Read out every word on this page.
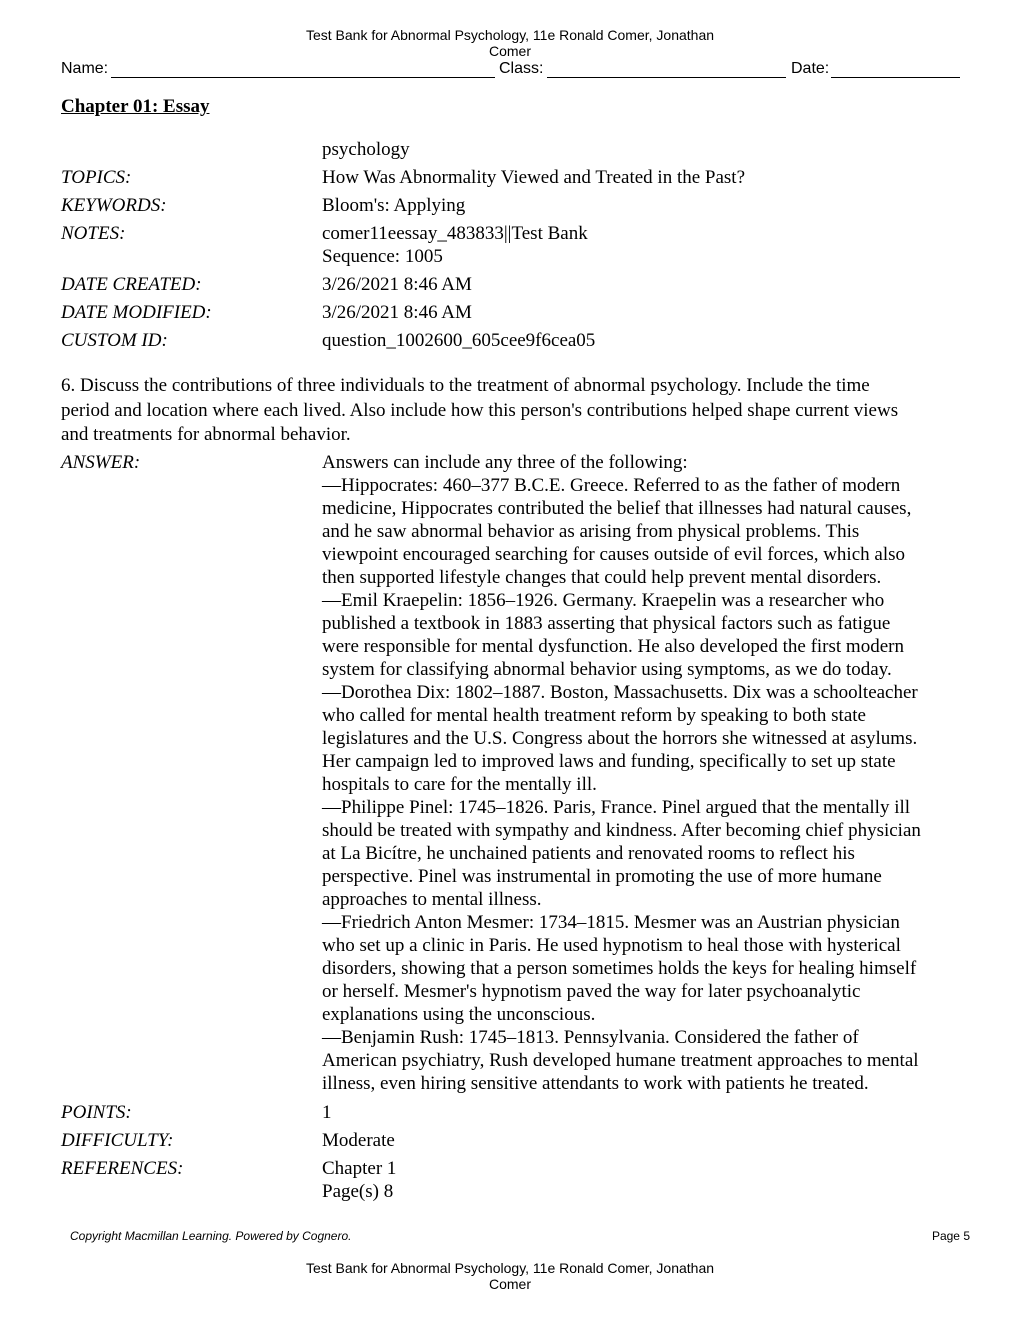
Test Bank for Abnormal Psychology, 11e Ronald Comer, Jonathan
Comer
Name:	Class:	Date:
Chapter 01: Essay
psychology
TOPICS:	How Was Abnormality Viewed and Treated in the Past?
KEYWORDS:	Bloom's: Applying
NOTES:	comer11eessay_483833||Test Bank
Sequence: 1005
DATE CREATED:	3/26/2021 8:46 AM
DATE MODIFIED:	3/26/2021 8:46 AM
CUSTOM ID:	question_1002600_605cee9f6cea05
6. Discuss the contributions of three individuals to the treatment of abnormal psychology. Include the time
period and location where each lived. Also include how this person's contributions helped shape current views
and treatments for abnormal behavior.
ANSWER:	Answers can include any three of the following:
—Hippocrates: 460–377 B.C.E. Greece. Referred to as the father of modern
medicine, Hippocrates contributed the belief that illnesses had natural causes,
and he saw abnormal behavior as arising from physical problems. This
viewpoint encouraged searching for causes outside of evil forces, which also
then supported lifestyle changes that could help prevent mental disorders.
—Emil Kraepelin: 1856–1926. Germany. Kraepelin was a researcher who
published a textbook in 1883 asserting that physical factors such as fatigue
were responsible for mental dysfunction. He also developed the first modern
system for classifying abnormal behavior using symptoms, as we do today.
—Dorothea Dix: 1802–1887. Boston, Massachusetts. Dix was a schoolteacher
who called for mental health treatment reform by speaking to both state
legislatures and the U.S. Congress about the horrors she witnessed at asylums.
Her campaign led to improved laws and funding, specifically to set up state
hospitals to care for the mentally ill.
—Philippe Pinel: 1745–1826. Paris, France. Pinel argued that the mentally ill
should be treated with sympathy and kindness. After becoming chief physician
at La Bicítre, he unchained patients and renovated rooms to reflect his
perspective. Pinel was instrumental in promoting the use of more humane
approaches to mental illness.
—Friedrich Anton Mesmer: 1734–1815. Mesmer was an Austrian physician
who set up a clinic in Paris. He used hypnotism to heal those with hysterical
disorders, showing that a person sometimes holds the keys for healing himself
or herself. Mesmer's hypnotism paved the way for later psychoanalytic
explanations using the unconscious.
—Benjamin Rush: 1745–1813. Pennsylvania. Considered the father of
American psychiatry, Rush developed humane treatment approaches to mental
illness, even hiring sensitive attendants to work with patients he treated.
POINTS:	1
DIFFICULTY:	Moderate
REFERENCES:	Chapter 1
Page(s) 8
Copyright Macmillan Learning. Powered by Cognero.	Page 5
Test Bank for Abnormal Psychology, 11e Ronald Comer, Jonathan
Comer
